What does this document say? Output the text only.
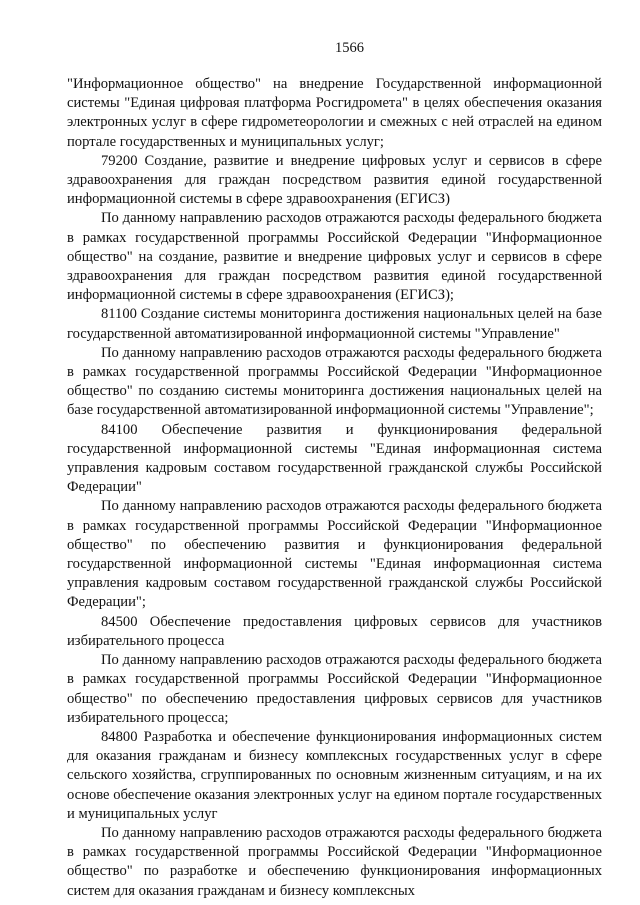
1566

"Информационное общество" на внедрение Государственной информационной системы "Единая цифровая платформа Росгидромета" в целях обеспечения оказания электронных услуг в сфере гидрометеорологии и смежных с ней отраслей на едином портале государственных и муниципальных услуг;

79200 Создание, развитие и внедрение цифровых услуг и сервисов в сфере здравоохранения для граждан посредством развития единой государственной информационной системы в сфере здравоохранения (ЕГИСЗ)

По данному направлению расходов отражаются расходы федерального бюджета в рамках государственной программы Российской Федерации "Информационное общество" на создание, развитие и внедрение цифровых услуг и сервисов в сфере здравоохранения для граждан посредством развития единой государственной информационной системы в сфере здравоохранения (ЕГИСЗ);

81100 Создание системы мониторинга достижения национальных целей на базе государственной автоматизированной информационной системы "Управление"

По данному направлению расходов отражаются расходы федерального бюджета в рамках государственной программы Российской Федерации "Информационное общество" по созданию системы мониторинга достижения национальных целей на базе государственной автоматизированной информационной системы "Управление";

84100 Обеспечение развития и функционирования федеральной государственной информационной системы "Единая информационная система управления кадровым составом государственной гражданской службы Российской Федерации"

По данному направлению расходов отражаются расходы федерального бюджета в рамках государственной программы Российской Федерации "Информационное общество" по обеспечению развития и функционирования федеральной государственной информационной системы "Единая информационная система управления кадровым составом государственной гражданской службы Российской Федерации";

84500 Обеспечение предоставления цифровых сервисов для участников избирательного процесса

По данному направлению расходов отражаются расходы федерального бюджета в рамках государственной программы Российской Федерации "Информационное общество" по обеспечению предоставления цифровых сервисов для участников избирательного процесса;

84800 Разработка и обеспечение функционирования информационных систем для оказания гражданам и бизнесу комплексных государственных услуг в сфере сельского хозяйства, сгруппированных по основным жизненным ситуациям, и на их основе обеспечение оказания электронных услуг на едином портале государственных и муниципальных услуг

По данному направлению расходов отражаются расходы федерального бюджета в рамках государственной программы Российской Федерации "Информационное общество" по разработке и обеспечению функционирования информационных систем для оказания гражданам и бизнесу комплексных
